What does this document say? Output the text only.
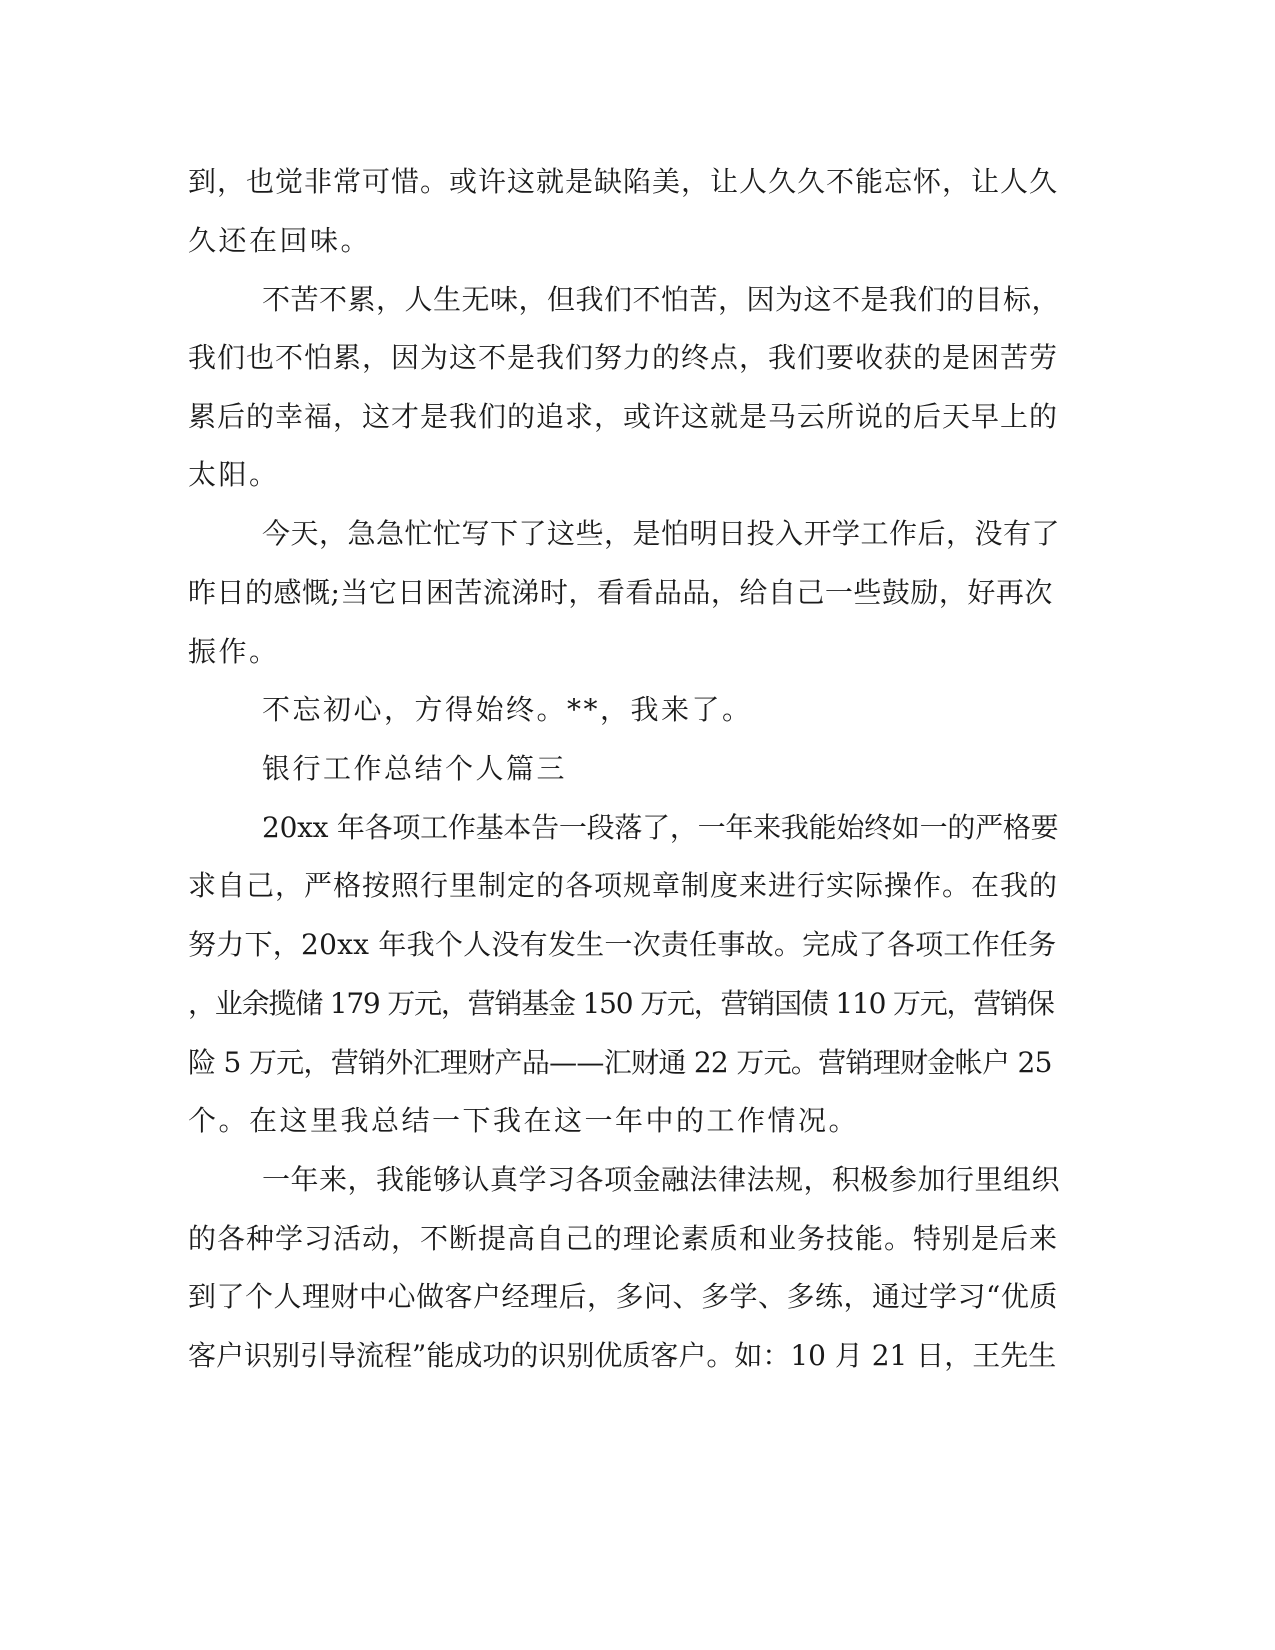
到，也觉非常可惜。或许这就是缺陷美，让人久久不能忘怀，让人久
久还在回味。
不苦不累，人生无味，但我们不怕苦，因为这不是我们的目标，
我们也不怕累，因为这不是我们努力的终点，我们要收获的是困苦劳
累后的幸福，这才是我们的追求，或许这就是马云所说的后天早上的
太阳。
今天，急急忙忙写下了这些，是怕明日投入开学工作后，没有了
昨日的感慨;当它日困苦流涕时，看看品品，给自己一些鼓励，好再次
振作。
不忘初心，方得始终。**，我来了。
银行工作总结个人篇三
20xx 年各项工作基本告一段落了，一年来我能始终如一的严格要
求自己，严格按照行里制定的各项规章制度来进行实际操作。在我的
努力下，20xx 年我个人没有发生一次责任事故。完成了各项工作任务
，业余揽储 179 万元，营销基金 150 万元，营销国债 110 万元，营销保
险 5 万元，营销外汇理财产品——汇财通 22 万元。营销理财金帐户 25
个。在这里我总结一下我在这一年中的工作情况。
一年来，我能够认真学习各项金融法律法规，积极参加行里组织
的各种学习活动，不断提高自己的理论素质和业务技能。特别是后来
到了个人理财中心做客户经理后，多问、多学、多练，通过学习“优质
客户识别引导流程”能成功的识别优质客户。如：10 月 21 日，王先生
